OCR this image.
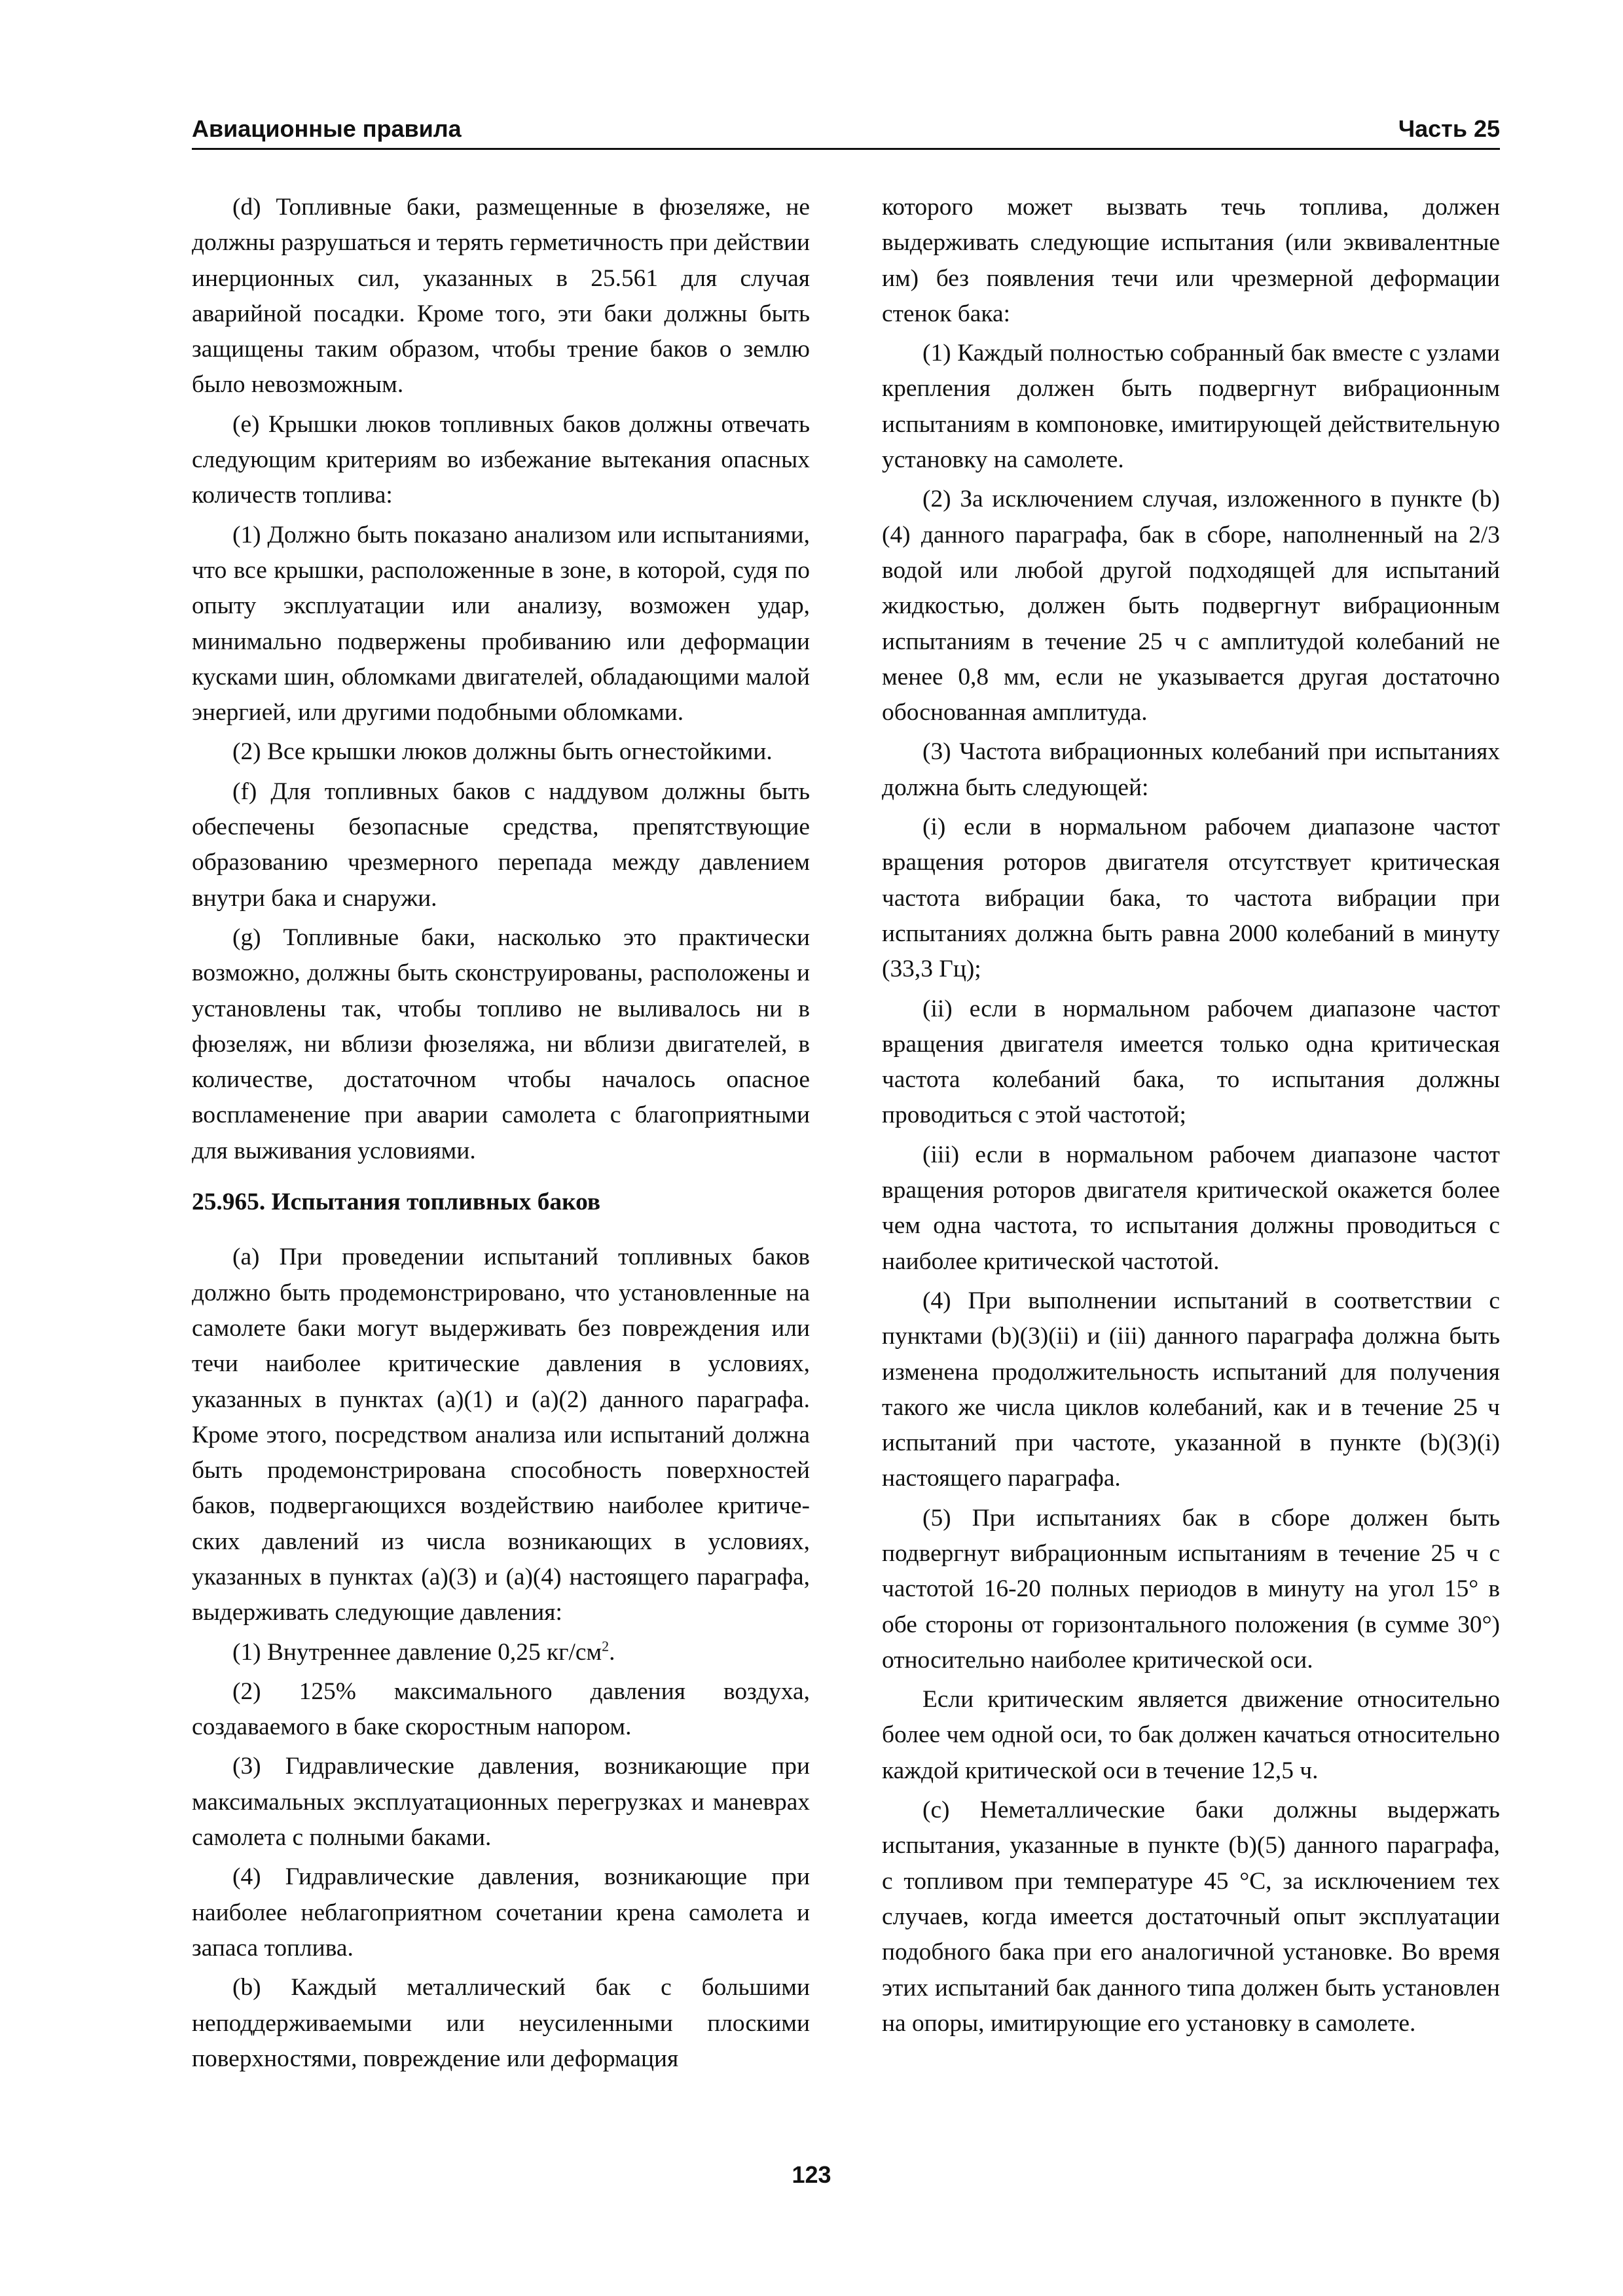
Авиационные правила	Часть 25

(d) Топливные баки, размещенные в фюзеляже, не должны разрушаться и терять герметичность при действии инерционных сил, указанных в 25.561 для случая аварийной посадки. Кроме того, эти баки должны быть защищены таким образом, чтобы трение баков о землю было невозможным.

(e) Крышки люков топливных баков должны отвечать следующим критериям во избежание вытекания опасных количеств топлива:

(1) Должно быть показано анализом или испытаниями, что все крышки, расположенные в зоне, в которой, судя по опыту эксплуатации или анализу, возможен удар, минимально подвержены пробиванию или деформации кусками шин, обломками двигателей, обладающими малой энергией, или другими подобными обломками.

(2) Все крышки люков должны быть огнестойкими.

(f) Для топливных баков с наддувом должны быть обеспечены безопасные средства, препятствующие образованию чрезмерного перепада между давлением внутри бака и снаружи.

(g) Топливные баки, насколько это практически возможно, должны быть сконструированы, расположены и установлены так, чтобы топливо не выливалось ни в фюзеляж, ни вблизи фюзеляжа, ни вблизи двигателей, в количестве, достаточном чтобы началось опасное воспламенение при аварии самолета с благоприятными для выживания условиями.

25.965. Испытания топливных баков

(a) При проведении испытаний топливных баков должно быть продемонстрировано, что установленные на самолете баки могут выдерживать без повреждения или течи наиболее критические давления в условиях, указанных в пунктах (a)(1) и (a)(2) данного параграфа. Кроме этого, посредством анализа или испытаний должна быть продемонстрирована способность поверхностей баков, подвергающихся воздействию наиболее критических давлений из числа возникающих в условиях, указанных в пунктах (a)(3) и (a)(4) настоящего параграфа, выдерживать следующие давления:

(1) Внутреннее давление 0,25 $кг/см^2$.

(2) 125% максимального давления воздуха, создаваемого в баке скоростным напором.

(3) Гидравлические давления, возникающие при максимальных эксплуатационных перегрузках и маневрах самолета с полными баками.

(4) Гидравлические давления, возникающие при наиболее неблагоприятном сочетании крена самолета и запаса топлива.

(b) Каждый металлический бак с большими неподдерживаемыми или неусиленными плоскими поверхностями, повреждение или деформация

которого может вызвать течь топлива, должен выдерживать следующие испытания (или эквивалентные им) без появления течи или чрезмерной деформации стенок бака:

(1) Каждый полностью собранный бак вместе с узлами крепления должен быть подвергнут вибрационным испытаниям в компоновке, имитирующей действительную установку на самолете.

(2) За исключением случая, изложенного в пункте (b)(4) данного параграфа, бак в сборе, наполненный на 2/3 водой или любой другой подходящей для испытаний жидкостью, должен быть подвергнут вибрационным испытаниям в течение 25 ч с амплитудой колебаний не менее 0,8 мм, если не указывается другая достаточно обоснованная амплитуда.

(3) Частота вибрационных колебаний при испытаниях должна быть следующей:

(i) если в нормальном рабочем диапазоне частот вращения роторов двигателя отсутствует критическая частота вибрации бака, то частота вибрации при испытаниях должна быть равна 2000 колебаний в минуту (33,3 Гц);

(ii) если в нормальном рабочем диапазоне частот вращения двигателя имеется только одна критическая частота колебаний бака, то испытания должны проводиться с этой частотой;

(iii) если в нормальном рабочем диапазоне частот вращения роторов двигателя критической окажется более чем одна частота, то испытания должны проводиться с наиболее критической частотой.

(4) При выполнении испытаний в соответствии с пунктами (b)(3)(ii) и (iii) данного параграфа должна быть изменена продолжительность испытаний для получения такого же числа циклов колебаний, как и в течение 25 ч испытаний при частоте, указанной в пункте (b)(3)(i) настоящего параграфа.

(5) При испытаниях бак в сборе должен быть подвергнут вибрационным испытаниям в течение 25 ч с частотой 16-20 полных периодов в минуту на угол 15° в обе стороны от горизонтального положения (в сумме 30°) относительно наиболее критической оси.

Если критическим является движение относительно более чем одной оси, то бак должен качаться относительно каждой критической оси в течение 12,5 ч.

(c) Неметаллические баки должны выдержать испытания, указанные в пункте (b)(5) данного параграфа, с топливом при температуре 45 °С, за исключением тех случаев, когда имеется достаточный опыт эксплуатации подобного бака при его аналогичной установке. Во время этих испытаний бак данного типа должен быть установлен на опоры, имитирующие его установку в самолете.

123
